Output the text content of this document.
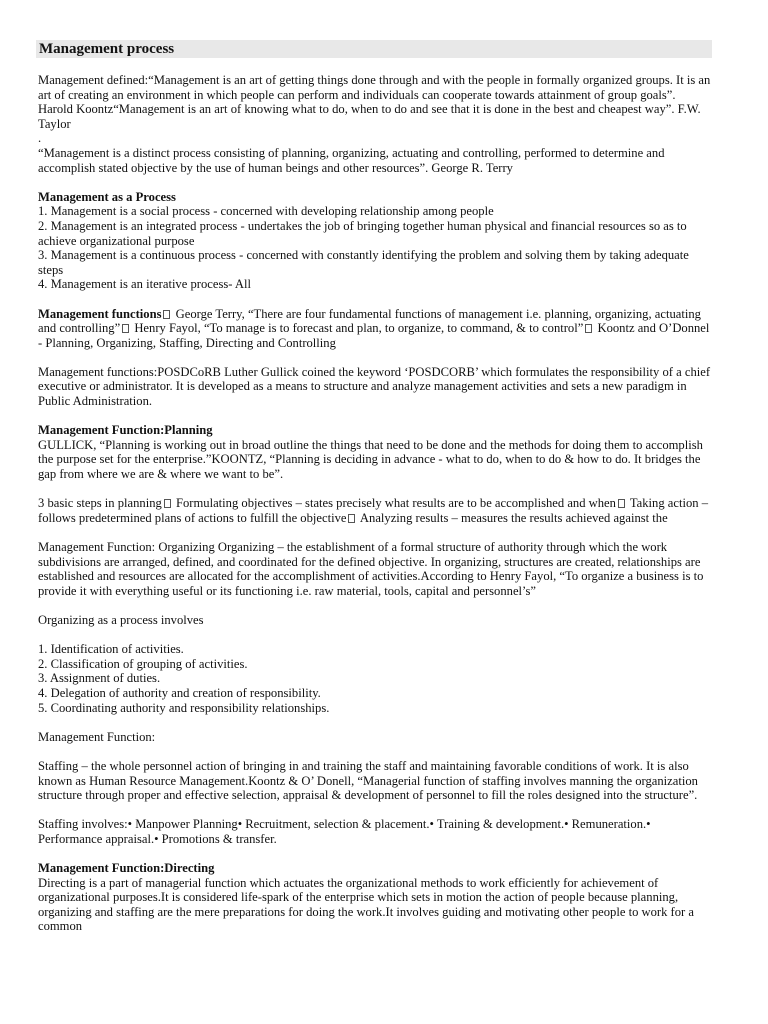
Management process

Management defined:“Management is an art of getting things done through and with the people in formally organized groups. It is an art of creating an environment in which people can perform and individuals can cooperate towards attainment of group goals”. Harold Koontz“Management is an art of knowing what to do, when to do and see that it is done in the best and cheapest way”. F.W. Taylor

.

“Management is a distinct process consisting of planning, organizing, actuating and controlling, performed to determine and accomplish stated objective by the use of human beings and other resources”. George R. Terry

Management as a Process

1. Management is a social process - concerned with developing relationship among people

2. Management is an integrated process - undertakes the job of bringing together human physical and financial resources so as to achieve organizational purpose

3. Management is a continuous process - concerned with constantly identifying the problem and solving them by taking adequate steps

4. Management is an iterative process- All

Management functions George Terry, “There are four fundamental functions of management i.e. planning, organizing, actuating and controlling” Henry Fayol, “To manage is to forecast and plan, to organize, to command, & to control” Koontz and O’Donnel - Planning, Organizing, Staffing, Directing and Controlling

Management functions:POSDCoRB Luther Gullick coined the keyword ‘POSDCORB’ which formulates the responsibility of a chief executive or administrator. It is developed as a means to structure and analyze management activities and sets a new paradigm in Public Administration.

Management Function:Planning

GULLICK, “Planning is working out in broad outline the things that need to be done and the methods for doing them to accomplish the purpose set for the enterprise.”KOONTZ, “Planning is deciding in advance - what to do, when to do & how to do. It bridges the gap from where we are & where we want to be”.

3 basic steps in planning Formulating objectives – states precisely what results are to be accomplished and when Taking action – follows predetermined plans of actions to fulfill the objective Analyzing results – measures the results achieved against the

Management Function: Organizing Organizing – the establishment of a formal structure of authority through which the work subdivisions are arranged, defined, and coordinated for the defined objective. In organizing, structures are created, relationships are established and resources are allocated for the accomplishment of activities.According to Henry Fayol, “To organize a business is to provide it with everything useful or its functioning i.e. raw material, tools, capital and personnel’s”

Organizing as a process involves

1. Identification of activities.

2. Classification of grouping of activities.

3. Assignment of duties.

4. Delegation of authority and creation of responsibility.

5. Coordinating authority and responsibility relationships.

Management Function:

Staffing – the whole personnel action of bringing in and training the staff and maintaining favorable conditions of work. It is also known as Human Resource Management.Koontz & O’ Donell, “Managerial function of staffing involves manning the organization structure through proper and effective selection, appraisal & development of personnel to fill the roles designed into the structure”.

Staffing involves:• Manpower Planning• Recruitment, selection & placement.• Training & development.• Remuneration.• Performance appraisal.• Promotions & transfer.

Management Function:Directing

Directing is a part of managerial function which actuates the organizational methods to work efficiently for achievement of organizational purposes.It is considered life-spark of the enterprise which sets in motion the action of people because planning, organizing and staffing are the mere preparations for doing the work.It involves guiding and motivating other people to work for a common
